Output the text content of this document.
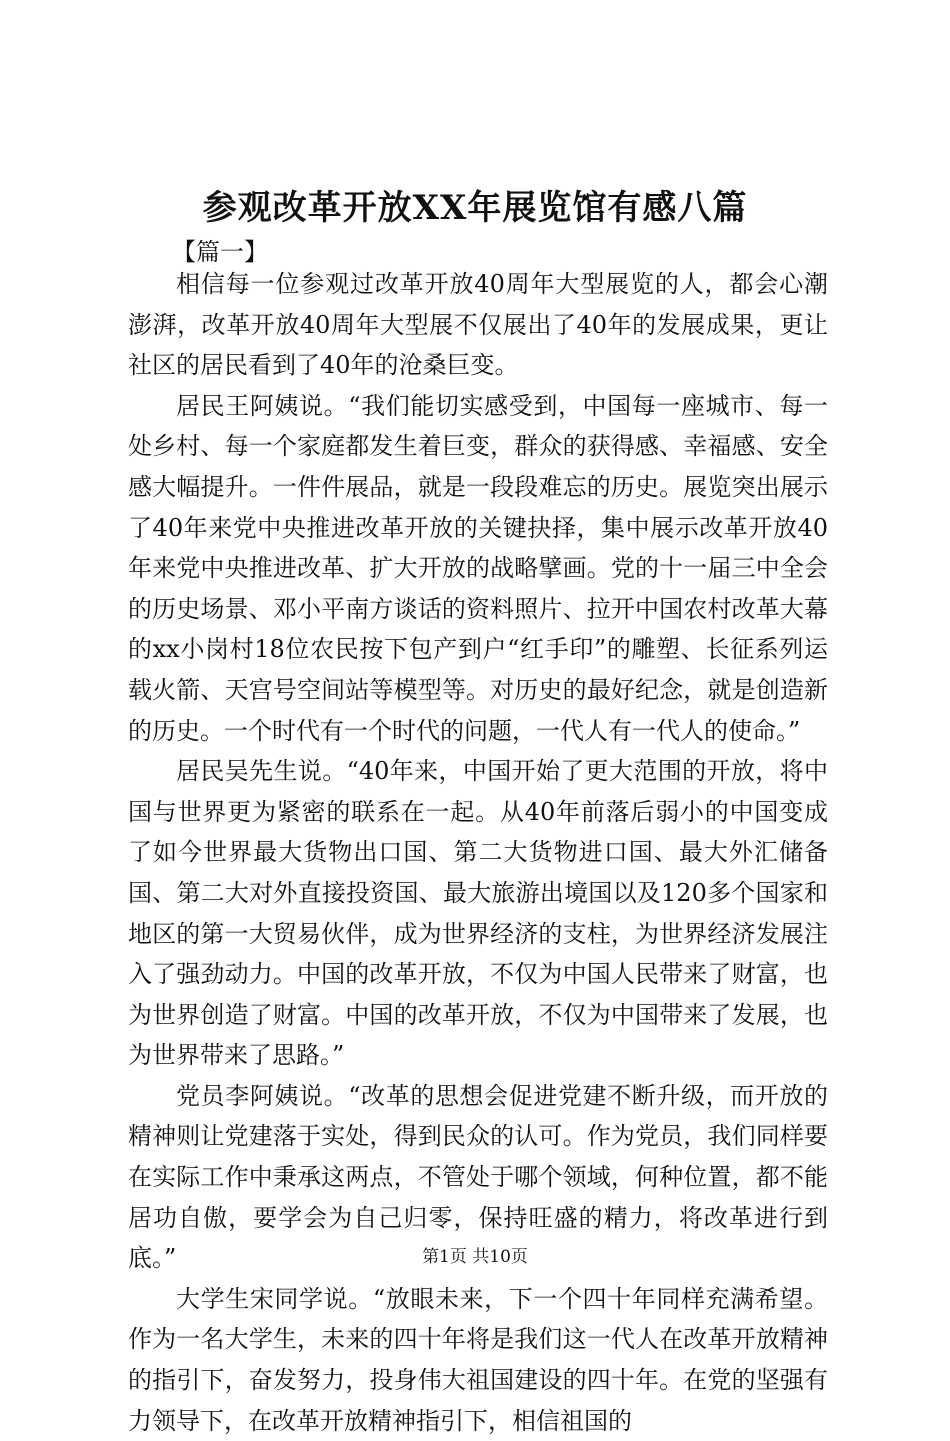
参观改革开放XX年展览馆有感八篇
【篇一】

相信每一位参观过改革开放40周年大型展览的人，都会心潮澎湃，改革开放40周年大型展不仅展出了40年的发展成果，更让社区的居民看到了40年的沧桑巨变。

居民王阿姨说。“我们能切实感受到，中国每一座城市、每一处乡村、每一个家庭都发生着巨变，群众的获得感、幸福感、安全感大幅提升。一件件展品，就是一段段难忘的历史。展览突出展示了40年来党中央推进改革开放的关键抉择，集中展示改革开放40年来党中央推进改革、扩大开放的战略擘画。党的十一届三中全会的历史场景、邓小平南方谈话的资料照片、拉开中国农村改革大幕的xx小岗村18位农民按下包产到户“红手印”的雕塑、长征系列运载火箭、天宫号空间站等模型等。对历史的最好纪念，就是创造新的历史。一个时代有一个时代的问题，一代人有一代人的使命。”

居民吴先生说。“40年来，中国开始了更大范围的开放，将中国与世界更为紧密的联系在一起。从40年前落后弱小的中国变成了如今世界最大货物出口国、第二大货物进口国、最大外汇储备国、第二大对外直接投资国、最大旅游出境国以及120多个国家和地区的第一大贸易伙伴，成为世界经济的支柱，为世界经济发展注入了强劲动力。中国的改革开放，不仅为中国人民带来了财富，也为世界创造了财富。中国的改革开放，不仅为中国带来了发展，也为世界带来了思路。”

党员李阿姨说。“改革的思想会促进党建不断升级，而开放的精神则让党建落于实处，得到民众的认可。作为党员，我们同样要在实际工作中秉承这两点，不管处于哪个领域，何种位置，都不能居功自傲，要学会为自己归零，保持旺盛的精力，将改革进行到底。”

大学生宋同学说。“放眼未来，下一个四十年同样充满希望。作为一名大学生，未来的四十年将是我们这一代人在改革开放精神的指引下，奋发努力，投身伟大祖国建设的四十年。在党的坚强有力领导下，在改革开放精神指引下，相信祖国的

第1页 共10页
